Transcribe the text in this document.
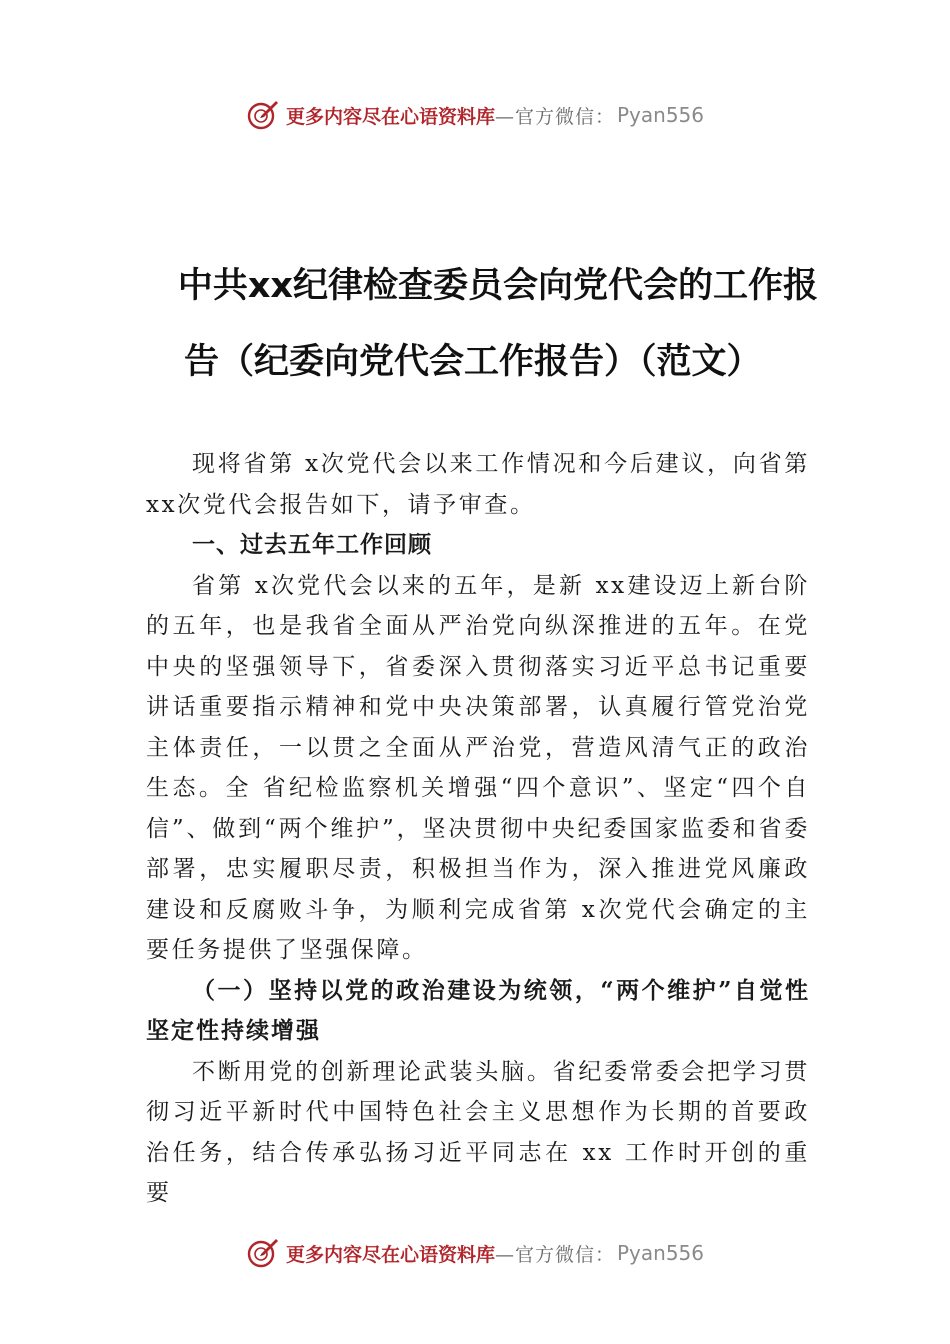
更多内容尽在心语资料库 —官方微信： Pyan556
中共xx纪律检查委员会向党代会的工作报
告（纪委向党代会工作报告）（范文）

现将省第 x次党代会以来工作情况和今后建议，向省第xx次党代会报告如下，请予审查。

一、过去五年工作回顾

省第 x次党代会以来的五年，是新 xx建设迈上新台阶的五年，也是我省全面从严治党向纵深推进的五年。在党中央的坚强领导下，省委深入贯彻落实习近平总书记重要讲话重要指示精神和党中央决策部署，认真履行管党治党主体责任，一以贯之全面从严治党，营造风清气正的政治生态。全 省纪检监察机关增强“四个意识”、坚定“四个自信”、做到“两个维护”，坚决贯彻中央纪委国家监委和省委部署，忠实履职尽责，积极担当作为，深入推进党风廉政建设和反腐败斗争，为顺利完成省第 x次党代会确定的主要任务提供了坚强保障。

（一）坚持以党的政治建设为统领，“两个维护”自觉性坚定性持续增强

不断用党的创新理论武装头脑。省纪委常委会把学习贯彻习近平新时代中国特色社会主义思想作为长期的首要政治任务，结合传承弘扬习近平同志在 xx 工作时开创的重要

更多内容尽在心语资料库 —官方微信： Pyan556
